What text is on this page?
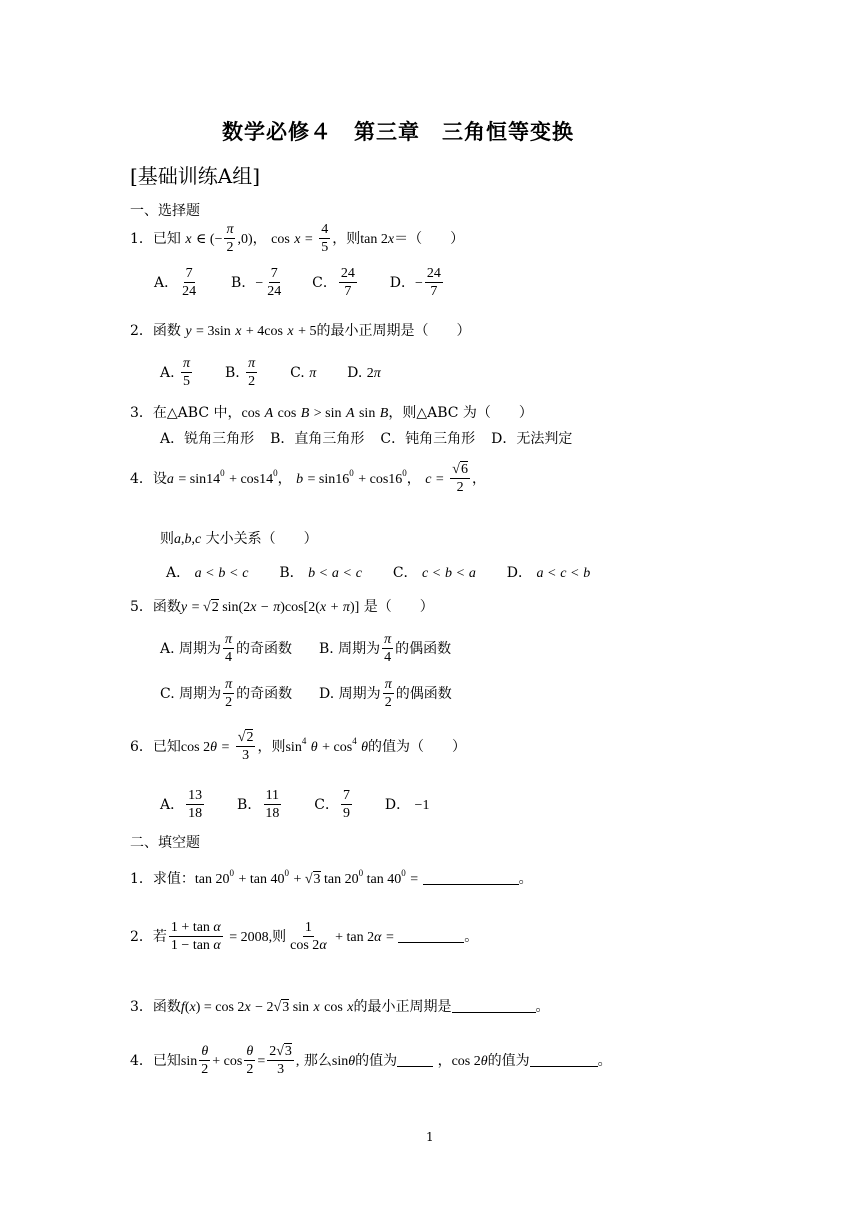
数学必修４　第三章　三角恒等变换
[基础训练A组]
一、选择题
1．已知 x ∈ (− $\frac{\pi}{2} ,0$)， $\cos x = \frac{4}{5}$ ，则tan 2x＝（　　）
A． $\frac{7}{24}$ B．− $\frac{7}{24}$ C． $\frac{24}{7}$ D．− $\frac{24}{7}$
2．函数 y = 3sin x + 4cos x + 5的最小正周期是（　　）
A. $\frac{\pi}{5} B$. $\frac{\pi}{2} C$. π D. 2π
3．在△ABC 中，cos A cos B > sin A sin B，则△ABC 为（　　）
A．锐角三角形 B．直角三角形 C．钝角三角形 D．无法判定
4．设$a = \sin 14^0 + \cos 14^0$， $b = \sin 16^0 + \cos 16^0$， $c = \frac{√6}{2}$ ，
则a,b,c 大小关系（　　）
A． a < b < c B． b < a < c C． c < b < a D． a < c < b
5．函数y = √2 sin(2x − π)cos[2(x + π)] 是（　　）
A. 周期为 $\frac{\pi}{4}$ 的奇函数 B. 周期为 $\frac{\pi}{4}$ 的偶函数
C. 周期为 $\frac{\pi}{2}$ 的奇函数 D. 周期为 $\frac{\pi}{2}$ 的偶函数
6．已知$\cos 2\theta = \frac{√2}{3}$ ，则$\sin^4 \theta + \cos^4 \theta$的值为（　　）
A． $\frac{13}{18}$ B． $\frac{11}{18}$ C． $\frac{7}{9}$ D． −1
二、填空题
1．求值：$\tan 20^0 + \tan 40^0 + √3$ $\tan 20^0$ $\tan 40^0$ =	。
2．若 $\frac{\text{1 + tan α}}{\text{1 − tan α}} = 2008$,则 $\frac{1}{\cos 2\alpha} + \tan 2\alpha$ =	。
3．函数f(x) = cos 2x − 2√3 sin x cos x的最小正周期是	。
4．已知$\sin \frac{\theta}{2} + \cos \frac{\theta}{2} = \frac{2√3}{3}$ , 那么sinθ的值为	，cos 2θ的值为	。
1
